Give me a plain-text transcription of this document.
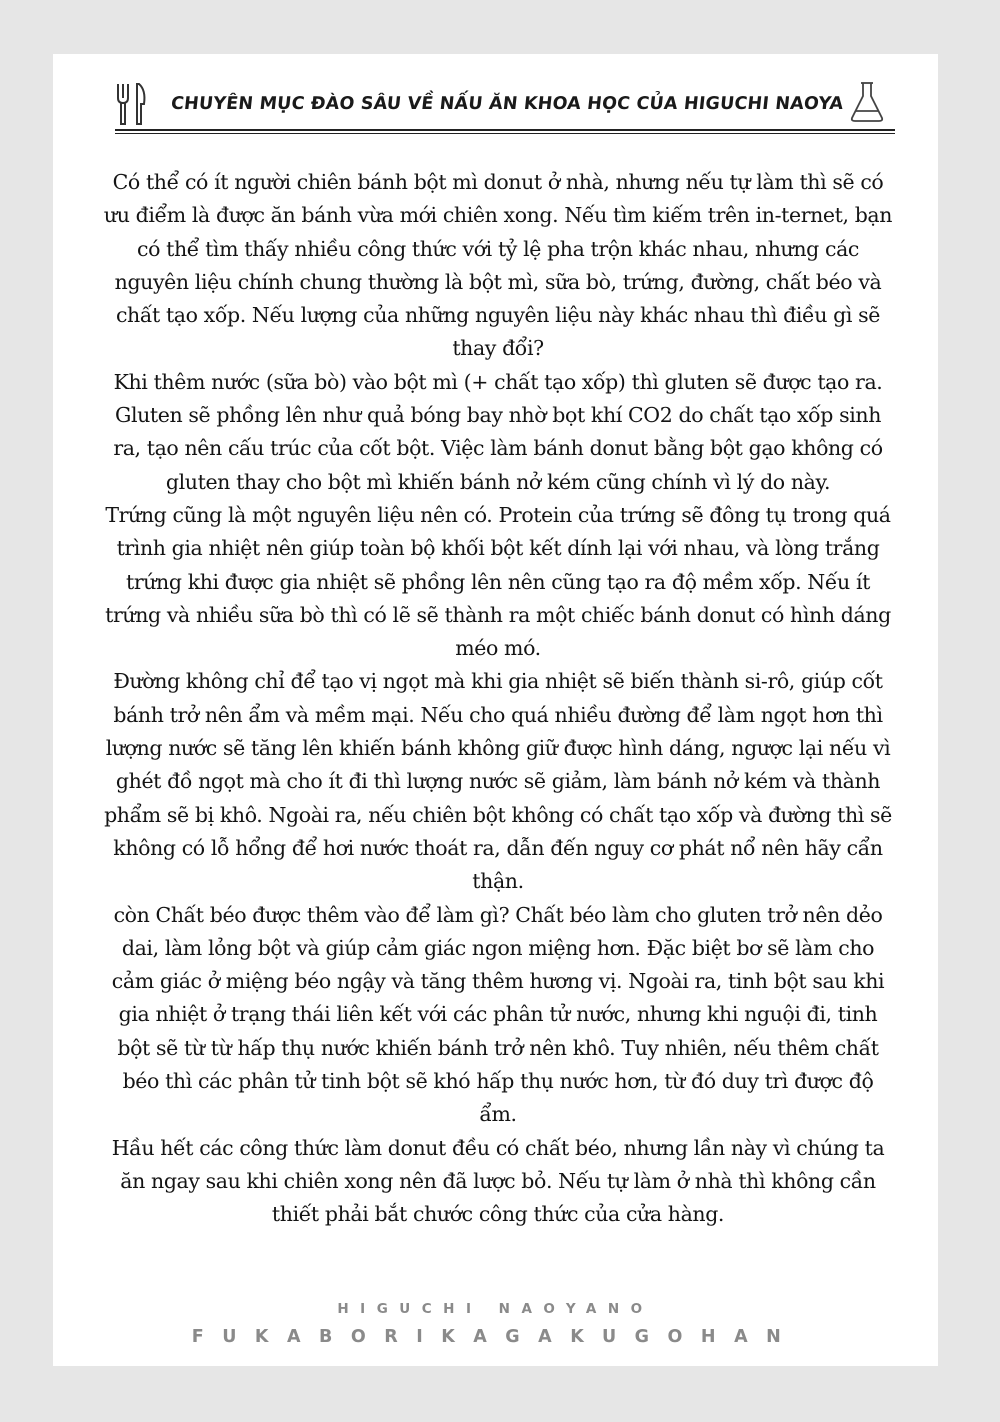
CHUYÊN MỤC ĐÀO SÂU VỀ NẤU ĂN KHOA HỌC CỦA HIGUCHI NAOYA

Có thể có ít người chiên bánh bột mì donut ở nhà, nhưng nếu tự làm thì sẽ có ưu điểm là được ăn bánh vừa mới chiên xong. Nếu tìm kiếm trên in-ternet, bạn có thể tìm thấy nhiều công thức với tỷ lệ pha trộn khác nhau, nhưng các nguyên liệu chính chung thường là bột mì, sữa bò, trứng, đường, chất béo và chất tạo xốp. Nếu lượng của những nguyên liệu này khác nhau thì điều gì sẽ thay đổi?

Khi thêm nước (sữa bò) vào bột mì (+ chất tạo xốp) thì gluten sẽ được tạo ra. Gluten sẽ phồng lên như quả bóng bay nhờ bọt khí CO2 do chất tạo xốp sinh ra, tạo nên cấu trúc của cốt bột. Việc làm bánh donut bằng bột gạo không có gluten thay cho bột mì khiến bánh nở kém cũng chính vì lý do này.

Trứng cũng là một nguyên liệu nên có. Protein của trứng sẽ đông tụ trong quá trình gia nhiệt nên giúp toàn bộ khối bột kết dính lại với nhau, và lòng trắng trứng khi được gia nhiệt sẽ phồng lên nên cũng tạo ra độ mềm xốp. Nếu ít trứng và nhiều sữa bò thì có lẽ sẽ thành ra một chiếc bánh donut có hình dáng méo mó.

Đường không chỉ để tạo vị ngọt mà khi gia nhiệt sẽ biến thành si-rô, giúp cốt bánh trở nên ẩm và mềm mại. Nếu cho quá nhiều đường để làm ngọt hơn thì lượng nước sẽ tăng lên khiến bánh không giữ được hình dáng, ngược lại nếu vì ghét đồ ngọt mà cho ít đi thì lượng nước sẽ giảm, làm bánh nở kém và thành phẩm sẽ bị khô. Ngoài ra, nếu chiên bột không có chất tạo xốp và đường thì sẽ không có lỗ hổng để hơi nước thoát ra, dẫn đến nguy cơ phát nổ nên hãy cẩn thận.

còn Chất béo được thêm vào để làm gì? Chất béo làm cho gluten trở nên dẻo dai, làm lỏng bột và giúp cảm giác ngon miệng hơn. Đặc biệt bơ sẽ làm cho cảm giác ở miệng béo ngậy và tăng thêm hương vị. Ngoài ra, tinh bột sau khi gia nhiệt ở trạng thái liên kết với các phân tử nước, nhưng khi nguội đi, tinh bột sẽ từ từ hấp thụ nước khiến bánh trở nên khô. Tuy nhiên, nếu thêm chất béo thì các phân tử tinh bột sẽ khó hấp thụ nước hơn, từ đó duy trì được độ ẩm.

Hầu hết các công thức làm donut đều có chất béo, nhưng lần này vì chúng ta ăn ngay sau khi chiên xong nên đã lược bỏ. Nếu tự làm ở nhà thì không cần thiết phải bắt chước công thức của cửa hàng.

HIGUCHI NAOYANO
FUKABORIKAGAKUGOHAN
